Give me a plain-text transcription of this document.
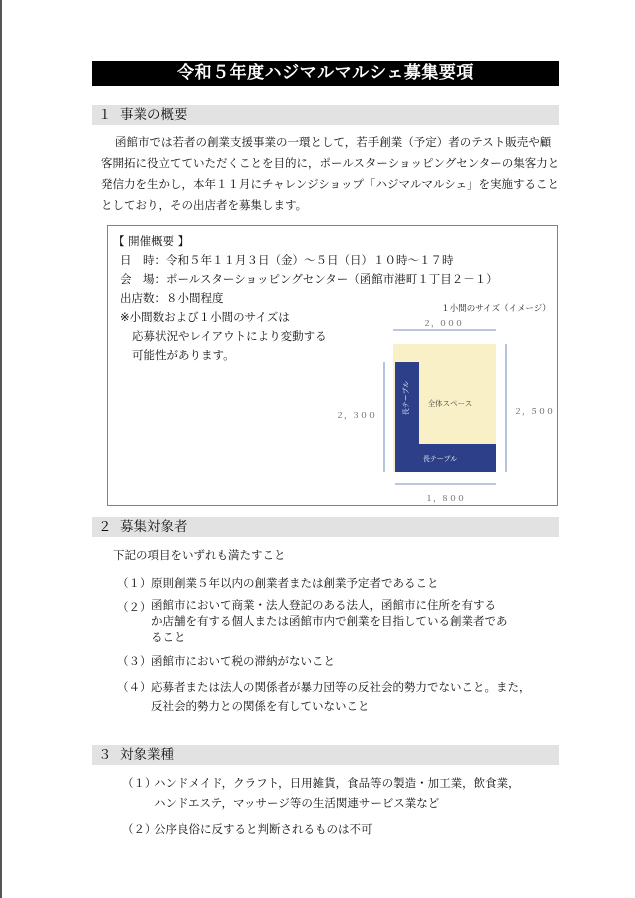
令和５年度ハジマルマルシェ募集要項
１ 事業の概要
函館市では若者の創業支援事業の一環として，若手創業（予定）者のテスト販売や顧客開拓に役立てていただくことを目的に，ポールスターショッピングセンターの集客力と発信力を生かし，本年１１月にチャレンジショップ「ハジマルマルシェ」を実施することとしており，その出店者を募集します。
【 開催概要 】
日　時：令和５年１１月３日（金）～５日（日）１０時～１７時
会　場：ポールスターショッピングセンター（函館市港町１丁目２－１）
出店数：８小間程度
※小間数および１小間のサイズは
応募状況やレイアウトにより変動する
可能性があります。
１小間のサイズ（イメージ）
２，０００
長テーブル
長テーブル
全体スペース
２，３００	２，５００
１，８００
２ 募集対象者
下記の項目をいずれも満たすこと
（１） 原則創業５年以内の創業者または創業予定者であること
（２） 函館市において商業・法人登記のある法人，函館市に住所を有する
か店舗を有する個人または函館市内で創業を目指している創業者であ
ること
（３） 函館市において税の滞納がないこと
（４） 応募者または法人の関係者が暴力団等の反社会的勢力でないこと。また，
反社会的勢力との関係を有していないこと
３ 対象業種
（１）
ハンドメイド，クラフト，日用雑貨，食品等の製造・加工業，飲食業，
ハンドエステ，マッサージ等の生活関連サービス業など
（２）
公序良俗に反すると判断されるものは不可
